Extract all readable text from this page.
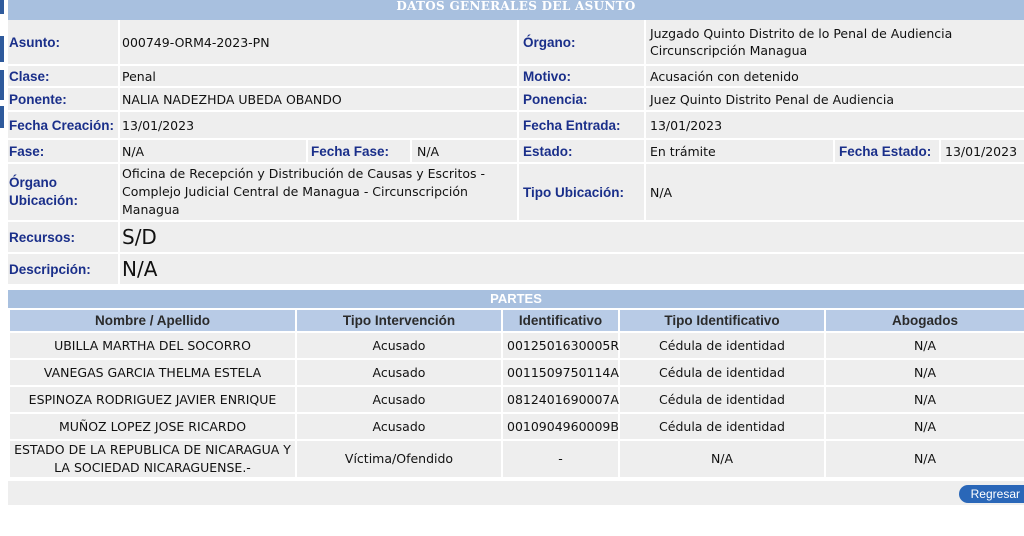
DATOS GENERALES DEL ASUNTO
Asunto:	000749-ORM4-2023-PN	Órgano:
Juzgado Quinto Distrito de lo Penal de Audiencia Circunscripción Managua
Clase:	Penal	Motivo:	Acusación con detenido
Ponente:	NALIA NADEZHDA UBEDA OBANDO	Ponencia:	Juez Quinto Distrito Penal de Audiencia
Fecha Creación: 13/01/2023	Fecha Entrada: 13/01/2023
Fase:	N/A	Fecha Fase: N/A	Estado:	En trámite	Fecha Estado: 13/01/2023
Órgano Ubicación:
Oficina de Recepción y Distribución de Causas y Escritos - Complejo Judicial Central de Managua - Circunscripción Managua
Tipo Ubicación: N/A
Recursos: S/D
Descripción: N/A
PARTES
Nombre / Apellido	Tipo Intervención	Identificativo	Tipo Identificativo	Abogados
UBILLA MARTHA DEL SOCORRO	Acusado	0012501630005R	Cédula de identidad	N/A
VANEGAS GARCIA THELMA ESTELA	Acusado	0011509750114A	Cédula de identidad	N/A
ESPINOZA RODRIGUEZ JAVIER ENRIQUE	Acusado	0812401690007A	Cédula de identidad	N/A
MUÑOZ LOPEZ JOSE RICARDO	Acusado	0010904960009B	Cédula de identidad	N/A
ESTADO DE LA REPUBLICA DE NICARAGUA Y LA SOCIEDAD NICARAGUENSE.-	Víctima/Ofendido	-	N/A	N/A
Regresar
